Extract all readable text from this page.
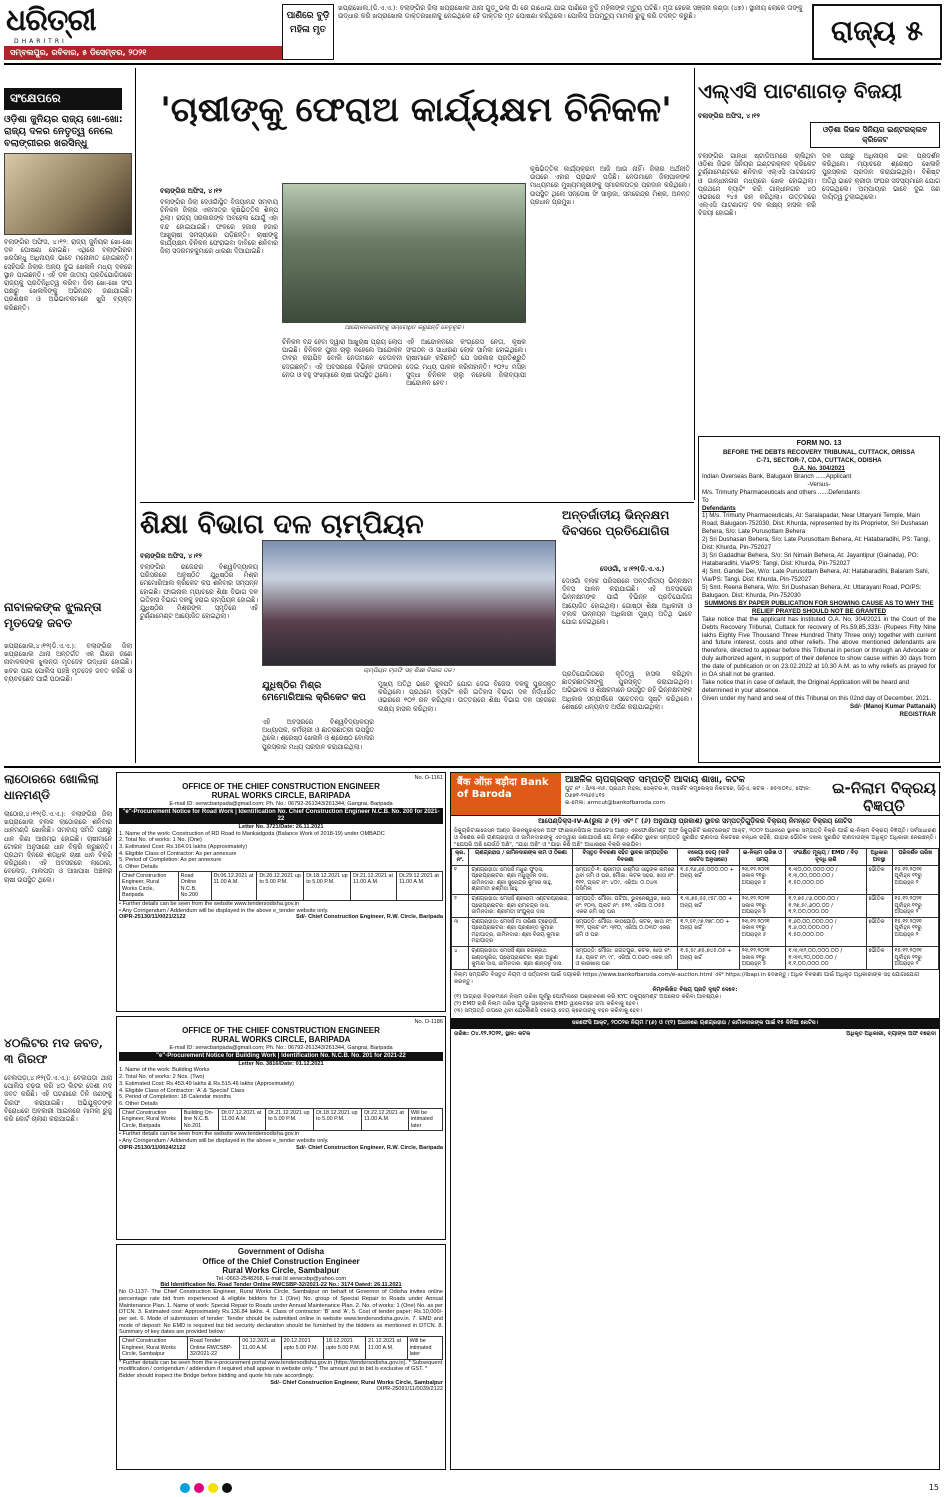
ଧରିତ୍ରୀ
DHARITRI
ସମ୍ବଲପୁର, ରବିବାର, ୫ ଡିସେମ୍ବର, ୨୦୨୧
ପାଣିରେ ବୁଡ଼ି ମହିଳା ମୃତ
ଖପ୍ରାଖୋଲ,(ଡି.ଏ.ଏ.): ବଲାଙ୍ଗିର ଜିଲା ଖପ୍ରାଖୋଲ ଥାନା ଗୁଡ଼ୁଭଲା ଗାଁ ରେ ଗାଧୋଇ ଯାଇ ପାଣିରେ ବୁଡ଼ି ମହିଳାଙ୍କ ମୃତ୍ୟୁ ଘଟିଛି। ମୃତା ହେଲେ ସଞ୍ଜନା କଣ୍ଡା (୪୭)। ସ୍ଥାନୀୟ ଲୋକେ ତାଙ୍କୁ ଉଦ୍ଧାର କରି ଖପ୍ରାଖୋଲ ଡାକ୍ତରଖାନାକୁ ନେଇଥିଲେ ହେଁ ଡାକ୍ତର ମୃତ ଘୋଷଣା କରିଥିଲେ। ପୋଲିସ ଅପମୃତ୍ୟୁ ମାମଲା ରୁଜୁ କରି ତଦନ୍ତ କରୁଛି।	ରାଜ୍ୟ ୫
ସଂକ୍ଷେପରେ
ଓଡ଼ିଶା ଜୁନିୟର ରାଜ୍ୟ ଖୋ-ଖୋ: ରାଜ୍ୟ ଦଳର ନେତୃତ୍ୱ ନେଲେ ବଲାଙ୍ଗୀରର ଖରସିନ୍ଧୁ
ବଲାଙ୍ଗିର ଅଫିସ, ୪।୧୨: ରାଜ୍ୟ ଜୁନିୟର ଖୋ-ଖୋ ଦଳ ଘୋଷଣା ହୋଇଛି। ଏଥିରେ ବଲାଙ୍ଗିରର ଖରସିନ୍ଧୁ ଅଧିନାୟକ ଭାବେ ମନୋନୀତ ହୋଇଛନ୍ତି। ସେହିପରି ଜିଲାର ଅନ୍ୟ ଦୁଇ ଖେଳାଳି ମଧ୍ୟ ଦଳରେ ସ୍ଥାନ ପାଇଛନ୍ତି। ଏହି ଦଳ ଜାତୀୟ ପ୍ରତିଯୋଗିତାରେ ରାଜ୍ୟକୁ ପ୍ରତିନିଧିତ୍ୱ କରିବ। ଜିଲା ଖୋ-ଖୋ ସଂଘ ପକ୍ଷରୁ ଖେଳାଳିଙ୍କୁ ଅଭିନନ୍ଦନ ଜଣାଯାଇଛି। ପ୍ରଶିକ୍ଷକ ଓ ଅଭିଭାବକମାନେ ଖୁସି ବ୍ୟକ୍ତ କରିଛନ୍ତି।
ନାବାଳକଙ୍କ ଝୁଲନ୍ତା ମୃତଦେହ ଜବତ
ଖପ୍ରାଖୋଲ,୪।୧୨(ଡି.ଏ.ଏ.): ବଲାଙ୍ଗିର ଜିଲା ଖପ୍ରାଖୋଲ ଥାନା ଅନ୍ତର୍ଗତ ଏକ ଗାଁରେ ଜଣେ ନାବାଳକଙ୍କ ଝୁଲନ୍ତା ମୃତଦେହ ଉଦ୍ଧାର ହୋଇଛି। ଖବର ପାଇ ପୋଲିସ ପହଞ୍ଚି ମୃତଦେହ ଜବତ କରିଛି ଓ ବ୍ୟବଚ୍ଛେଦ ପାଇଁ ପଠାଇଛି।
'ଚାଷୀଙ୍କୁ ଫେରାଅ କାର୍ଯ୍ୟକ୍ଷମ ଚିନିକଳ'
ବଲାଙ୍ଗିର ଅଫିସ, ୪।୧୨
ବଲାଙ୍ଗିର ଜିଲା ଦେଓଗାଁସ୍ଥିତ ବିଜୟାନନ୍ଦ ସମବାୟ ଚିନିକଳ ଜିଲାର ଏକମାତ୍ର କୃଷିଭିତ୍ତିକ ଶିଳ୍ପ ଥିଲା। ରାଜ୍ୟ ସରକାରଙ୍କ ଅବହେଳା ଯୋଗୁଁ ଏହା ବନ୍ଦ ହୋଇଯାଇଛି। ଫଳରେ ହଜାର ହଜାର ଆଖୁଚାଷୀ ସମସ୍ୟାରେ ପଡ଼ିଛନ୍ତି। ଚାଷୀଙ୍କୁ କାର୍ଯ୍ୟକ୍ଷମ ଚିନିକଳ ଫେରାଇବା ଦାବିରେ ଶନିବାର ଜିଲା ସଦରମହକୁମାରେ ଧାରଣା ଦିଆଯାଇଛି।
ଆନ୍ଦୋଳନକାରୀଙ୍କୁ ସମ୍ବୋଧିତ କରୁଛନ୍ତି ନେତୃବୃନ୍ଦ।
ଚିନିକଳ ବନ୍ଦ ହେବା ଦ୍ୱାରା ଆଖୁଚାଷ ପ୍ରାୟ ଲୋପ ପାଇଛି। ଚିନିକଳ ପୁନଃ ଚାଲୁ ନହେଲେ ଆନ୍ଦୋଳନ ତୀବ୍ର କରାଯିବ ବୋଲି ନେତାମାନେ ଚେତାବନୀ ଦେଇଛନ୍ତି। ଏହି ଅବସରରେ ବିଭିନ୍ନ ସଂଗଠନର ନେତା ଓ ବହୁ ସଂଖ୍ୟାରେ ଚାଷୀ ଉପସ୍ଥିତ ଥିଲେ।
ଏହି ଆନ୍ଦୋଳନରେ କଂଗ୍ରେସ ନେତା, କୃଷକ ସଂଗଠନ ଓ ସାଧାରଣ ଲୋକ ସାମିଲ ହୋଇଥିଲେ। ଚାଷୀମାନେ କହିଛନ୍ତି ଯେ ସରକାର ପ୍ରତିଶ୍ରୁତି ଦେଇ ମଧ୍ୟ ପାଳନ କରିନାହାନ୍ତି। ୨୦୨୪ ମସିହା ସୁଦ୍ଧା ଚିନିକଳ ଚାଲୁ ନହେଲେ ଜିଲାବ୍ୟାପୀ ଆନ୍ଦୋଳନ ହେବ।
କୃଷିଭିତ୍ତିକ କାର୍ଯ୍ୟକ୍ରମ ଆଜି ଆଉ ନାହିଁ। ଜିଲାର ଅର୍ଥନୀତି ଉପରେ ଏହାର ପ୍ରଭାବ ପଡ଼ିଛି। ନେତାମାନେ ଜିଲାପାଳଙ୍କ ମାଧ୍ୟମରେ ମୁଖ୍ୟମନ୍ତ୍ରୀଙ୍କୁ ସ୍ମାରକପତ୍ର ପ୍ରଦାନ କରିଥିଲେ। ଉପସ୍ଥିତ ଥିଲେ ସନ୍ତୋଷ ସିଂ ସାଲୁଜା, ସମରେନ୍ଦ୍ର ମିଶ୍ର, ଅନନ୍ତ ପ୍ରଧାନ ପ୍ରମୁଖ।
ଏଲ୍‌ଏସି ପାଟଣାଗଡ଼ ବିଜୟୀ
ବଲାଙ୍ଗିର ଅଫିସ, ୪।୧୨
ଓଡ଼ିଶା ଜିଭଳ ସିନିୟର ଇଣ୍ଟରକ୍ଲବ କ୍ରିକେଟ
ବଲାଙ୍ଗିର ଗାନ୍ଧୀ ଷ୍ଟାଡିଅମରେ ଚାଲିଥିବା ଓଡ଼ିଶା ଜିଭଳ ସିନିୟର ଇଣ୍ଟରକ୍ଲବ କ୍ରିକେଟ ଟୁର୍ଣ୍ଣାମେଣ୍ଟରେ ଶନିବାର ଏଲ୍‌ଏସି ପାଟଣାଗଡ଼ ଓ ଗାନ୍ଧୀନଗର ମଧ୍ୟରେ ଖେଳ ହୋଇଥିଲା। ପ୍ରଥମେ ବ୍ୟାଟିଂ କରି ଗାନ୍ଧୀନଗର ୪୦ ଓଭରରେ ୨୪୫ ରନ କରିଥିଲା। ଉତ୍ତରରେ ଏଲ୍‌ଏସି ପାଟଣାଗଡ଼ ଦଳ ଲକ୍ଷ୍ୟ ହାସଲ କରି ବିଜୟୀ ହୋଇଛି।
ଦଳ ପକ୍ଷରୁ ଅଧିନାୟକ ଭଲ ପ୍ରଦର୍ଶନ କରିଥିଲେ। ମ୍ୟାଚରେ ଶ୍ରେଷ୍ଠ ଖେଳାଳି ପୁରସ୍କାର ପ୍ରଦାନ କରାଯାଇଥିଲା। ବିଶିଷ୍ଟ ଅତିଥି ଭାବେ କ୍ରୀଡ଼ା ସଂଘର ସଦସ୍ୟମାନେ ଯୋଗ ଦେଇଥିଲେ। ଅମ୍ପାୟାର ଭାବେ ଦୁଇ ଜଣ ଦାୟିତ୍ୱ ତୁଲାଇଥିଲେ।
FORM NO. 13
BEFORE THE DEBTS RECOVERY TRIBUNAL, CUTTACK, ORISSA
C-71, SECTOR-7, CDA, CUTTACK, ODISHA
O.A. No. 304/2021
Indian Overseas Bank, Balugaon Branch ......Applicant
-Versus-
M/s. Trimurty Pharmaceuticals and others ......Defendants
To
Defendants
1) M/s. Trimurty Pharmaceuticals, At: Saralapadar, Near Uttaryani Temple, Main Road, Balugaon-752030, Dist: Khurda, represented by its Proprietor, Sri Dushasan Behera, S/o: Late Purusottam Behera
2) Sri Dushasan Behera, S/o: Late Purusottam Behera, At: Hatabaradihi, PS: Tangi, Dist: Khurda, Pin-752027
3) Sri Gadadhar Behera, S/o: Sri Nimain Behera, At: Jayantipur (Gainada), PO: Hatabaradihi, Via/PS: Tangi, Dist: Khurda, Pin-752027
4) Smt. Gandei Dei, W/o: Late Purusottam Behera, At: Hatabaradihi, Balaram Sahi, Via/PS: Tangi, Dist: Khurda, Pin-752027
5) Smt. Reena Behera, W/o: Sri Dushasan Behera, At: Uttarayani Road, PO/PS: Balugaon, Dist: Khurda, Pin-752030
SUMMONS BY PAPER PUBLICATION FOR SHOWING CAUSE AS TO WHY THE RELIEF PRAYED SHOULD NOT BE GRANTED
Take notice that the applicant has instituted O.A. No. 304/2021 in the Court of the Debts Recovery Tribunal, Cuttack for recovery of Rs.59,85,333/- (Rupees Fifty Nine lakhs Eighty Five Thousand Three Hundred Thirty Three only) together with current and future interest, costs and other reliefs. The above mentioned defendants are therefore, directed to appear before this Tribunal in person or through an Advocate or duly authorized agent, in support of their defence to show cause within 30 days from the date of publication or on 23.02.2022 at 10.30 A.M. as to why reliefs as prayed for in OA shall not be granted.
Take notice that in case of default, the Original Application will be heard and determined in your absence.
Given under my hand and seal of this Tribunal on this 02nd day of December, 2021.
Sd/- (Manoj Kumar Pattanaik)
REGISTRAR
ଶିକ୍ଷା ବିଭାଗ ଦଳ ଚାମ୍ପିୟନ
ବଲାଙ୍ଗିର ଅଫିସ, ୪।୧୨
ବଲାଙ୍ଗିର ରାଜେନ୍ଦ୍ର ବିଶ୍ୱବିଦ୍ୟାଳୟ ପରିସରରେ ଅନୁଷ୍ଠିତ ଯୁଧିଷ୍ଠିର ମିଶ୍ର ମେମୋରିଆଲ କ୍ରିକେଟ କପ ଶନିବାର ସମ୍ପନ୍ନ ହୋଇଛି। ଫାଇନାଲ ମ୍ୟାଚରେ ଶିକ୍ଷା ବିଭାଗ ଦଳ ଇତିହାସ ବିଭାଗ ଦଳକୁ ହରାଇ ଚାମ୍ପିୟନ ହୋଇଛି। ଯୁଧିଷ୍ଠିର ମିଶ୍ରଙ୍କ ସ୍ମୃତିରେ ଏହି ଟୁର୍ଣ୍ଣାମେଣ୍ଟ ଆୟୋଜିତ ହୋଇଥିଲା।
ଚାମ୍ପିୟନ ଟ୍ରଫି ସହ ଶିକ୍ଷା ବିଭାଗ ଦଳ।
ଯୁଧିଷ୍ଠିର ମିଶ୍ର ମେମୋରିଆଲ କ୍ରିକେଟ କପ
ମୁଖ୍ୟ ଅତିଥି ଭାବେ କୁଳପତି ଯୋଗ ଦେଇ ବିଜେତା ଦଳକୁ ପୁରସ୍କୃତ କରିଥିଲେ। ପ୍ରଥମେ ବ୍ୟାଟିଂ କରି ଇତିହାସ ବିଭାଗ ଦଳ ନିର୍ଦ୍ଧାରିତ ଓଭରରେ ୧୦୨ ରନ କରିଥିଲା। ଉତ୍ତରରେ ଶିକ୍ଷା ବିଭାଗ ଦଳ ସହଜରେ ଲକ୍ଷ୍ୟ ହାସଲ କରିଥିଲା।
ଏହି ଅବସରରେ ବିଶ୍ୱବିଦ୍ୟାଳୟର ଅଧ୍ୟାପକ, କର୍ମଚାରୀ ଓ ଛାତ୍ରଛାତ୍ରୀ ଉପସ୍ଥିତ ଥିଲେ। ଶ୍ରେଷ୍ଠ ଖେଳାଳି ଓ ଶ୍ରେଷ୍ଠ ବୋଲର ପୁରସ୍କାର ମଧ୍ୟ ପ୍ରଦାନ କରାଯାଇଥିଲା।
ଅନ୍ତର୍ଜାତୀୟ ଭିନ୍ନକ୍ଷମ ଦିବସରେ ପ୍ରତିଯୋଗିତା
ଦେଓଗାଁ, ୪।୧୨(ଡି.ଏ.ଏ.)
ଦେଓଗାଁ ବ୍ଲକ ପରିସରରେ ଅନ୍ତର୍ଜାତୀୟ ଭିନ୍ନକ୍ଷମ ଦିବସ ପାଳନ କରାଯାଇଛି। ଏହି ଅବସରରେ ଭିନ୍ନକ୍ଷମଙ୍କ ପାଇଁ ବିଭିନ୍ନ ପ୍ରତିଯୋଗିତା ଆୟୋଜିତ ହୋଇଥିଲା। ଗୋଷ୍ଠୀ ଶିକ୍ଷା ଅଧିକାରୀ ଓ ବ୍ଲକ ଉନ୍ନୟନ ଅଧିକାରୀ ମୁଖ୍ୟ ଅତିଥି ଭାବେ ଯୋଗ ଦେଇଥିଲେ।
ପ୍ରତିଯୋଗିତାରେ କୃତିତ୍ୱ ହାସଲ କରିଥିବା ଛାତ୍ରଛାତ୍ରୀଙ୍କୁ ପୁରସ୍କୃତ କରାଯାଇଥିଲା। ଅଭିଭାବକ ଓ ଶିକ୍ଷକମାନେ ଉପସ୍ଥିତ ରହି ଭିନ୍ନକ୍ଷମଙ୍କ ଅଧିକାର ସମ୍ପର୍କରେ ସଚେତନତା ସୃଷ୍ଟି କରିଥିଲେ। ଶେଷରେ ଧନ୍ୟବାଦ ଅର୍ପଣ କରାଯାଇଥିଲା।
ଲାଠୋରରେ ଖୋଲିଲା ଧାନମଣ୍ଡି
ଲାଠୋର,୪।୧୨(ଡି.ଏ.ଏ.): ବଲାଙ୍ଗିର ଜିଲା ଖପ୍ରାଖୋଲ ବ୍ଲକ ଲାଠୋରରେ ଶନିବାର ଧାନମଣ୍ଡି ଖୋଲିଛି। ସମବାୟ ସମିତି ପକ୍ଷରୁ ଧାନ କିଣା ଆରମ୍ଭ ହୋଇଛି। ଚାଷୀମାନେ ଟୋକନ ଅନୁସାରେ ଧାନ ବିକ୍ରି କରୁଛନ୍ତି। ପ୍ରଥମ ଦିନରେ ଶତାଧିକ ଚାଷୀ ଧାନ ବିକ୍ରି କରିଥିଲେ। ଏହି ଅବସରରେ ଲାଠୋର, ବେଲେଡ଼, ମାଲପଡ଼ା ଓ ଆଖପାଖ ଅଞ୍ଚଳର ଚାଷୀ ଉପସ୍ଥିତ ଥିଲେ।
୪୦ଲିଟର ମଦ ଜବତ, ୩ ଗିରଫ
ବେଲପଡ଼ା,୪।୧୨(ଡି.ଏ.ଏ.): ବେଲପଡ଼ା ଥାନା ପୋଲିସ ଚଢ଼ଉ କରି ୪୦ ଲିଟର ଦେଶୀ ମଦ ଜବତ କରିଛି। ଏହି ଘଟଣାରେ ତିନି ଜଣଙ୍କୁ ଗିରଫ କରାଯାଇଛି। ଅଭିଯୁକ୍ତଙ୍କ ବିରୋଧରେ ଅବକାରୀ ଆଇନରେ ମାମଲା ରୁଜୁ କରି କୋର୍ଟ ଚାଲାଣ କରାଯାଇଛି।
No. O-1161
OFFICE OF THE CHIEF CONSTRUCTION ENGINEER
RURAL WORKS CIRCLE, BARIPADA
E-mail ID: serwcbaripada@gmail.com; Ph. No.: 06792-261343/261344, Gangrai, Baripada
"e"-Procurement Notice for Road Work | Identification No. Chief Construction Engineer N.C.B. No. 200 for 2021-22
Letter No. 3721/Date: 26.11.2021
1. Name of the work: Construction of RD Road to Mankadgoda (Balance Work of 2018-19) under OMBADC
2. Total No. of works: 1 No. (One)
3. Estimated Cost: Rs.164.01 lakhs (Approximately)
4. Eligible Class of Contractor: As per annexure
5. Period of Completion: As per annexure
6. Other Details
Chief Construction Engineer, Rural Works Circle, Baripada	Road Online N.C.B. No.200	Dt.06.12.2021 at 11.00 A.M.	Dt.20.12.2021 up to 5.00 P.M.	Dt.18.12.2021 up to 5.00 P.M.	Dt.21.12.2021 at 11.00 A.M.	Dt.29.12.2021 at 11.00 A.M.
• Further details can be seen from the website www.tendersodisha.gov.in
• Any Corrigendum / Addendum will be displayed in the above e_tender website only.
OIPR-25130/11/0021/2122	Sd/- Chief Construction Engineer, R.W. Circle, Baripada
No. O-1186
OFFICE OF THE CHIEF CONSTRUCTION ENGINEER
RURAL WORKS CIRCLE, BARIPADA
E-mail ID: serwcbaripada@gmail.com; Ph. No.: 06792-261343/261344, Gangrai, Baripada
"e"-Procurement Notice for Building Work | Identification No. N.C.B. No. 201 for 2021-22
Letter No. 3816/Date: 01.12.2021
1. Name of the work: Building Works
2. Total No. of works: 2 Nos. (Two)
3. Estimated Cost: Rs.453.49 lakhs & Rs.515.46 lakhs (Approximately)
4. Eligible Class of Contractor: 'A' & 'Special' Class
5. Period of Completion: 18 Calendar months
6. Other Details
Chief Construction Engineer, Rural Works Circle, Baripada	Building On-line N.C.B. No.201	Dt.07.12.2021 at 11.00 A.M.	Dt.21.12.2021 up to 5.00 P.M.	Dt.18.12.2021 up to 5.00 P.M.	Dt.22.12.2021 at 11.00 A.M.	Will be intimated later
• Further details can be seen from the website www.tendersodisha.gov.in
• Any Corrigendum / Addendum will be displayed in the above e_tender website only.
OIPR-25130/11/0024/2122	Sd/- Chief Construction Engineer, R.W. Circle, Baripada
Government of Odisha
Office of the Chief Construction Engineer
Rural Works Circle, Sambalpur
Tel.-0663-2548268, E-mail Id serwcsbp@yahoo.com
Bid Identification No. Road Tender Online RWCSBP-32/2021-22 No.: 3174 Dated: 26.11.2021
No O-1137- The Chief Construction Engineer, Rural Works Circle, Sambalpur on behalf of Governor of Odisha invites online percentage rate bid from experienced & eligible bidders for 1 (One) No. group of Special Repair to Roads under Annual Maintenance Plan. 1. Name of work: Special Repair to Roads under Annual Maintenance Plan. 2. No. of works: 1 (One) No. as per DTCN. 3. Estimated cost: Approximately Rs.136.84 lakhs. 4. Class of contractor: 'B' and 'A'. 5. Cost of tender paper: Rs.10,000/- per set. 6. Mode of submission of tender: Tender should be submitted online in website www.tendersodisha.gov.in. 7. EMD and mode of deposit: No EMD is required but bid security declaration should be furnished by the bidders as mentioned in DTCN. 8. Summary of key dates are provided below:
Chief Construction Engineer, Rural Works Circle, Sambalpur	Road Tender Online RWCSBP-32/2021-22	06.12.2021 at 11.00 A.M.	20.12.2021 upto 5.00 P.M.	18.12.2021 upto 5.00 P.M.	21.12.2021 at 11.00 A.M.	Will be intimated later
* Further details can be seen from the e-procurement portal www.tendersodisha.gov.in (https://tendersodisha.gov.in). * Subsequent modification / corrigendum / addendum if required shall appear in website only. * The amount put to bid is exclusive of GST. * Bidder should inspect the Bridge before bidding and quote his rate accordingly.
Sd/- Chief Construction Engineer, Rural Works Circle, Sambalpur
OIPR-25091/11/0039/2122
बैंक ऑफ़ बड़ौदा Bank of Baroda
ଆଞ୍ଚଳିକ ଚାପଗ୍ରସ୍ତ ସମ୍ପତ୍ତି ଆଦାୟ ଶାଖା, କଟକ
ପୁଟ ନଂ : ସି/୩-୩୫, ପ୍ରଥମ ମହଲା, ସେକ୍ଟର-୭, ମାର୍କେଟ କମ୍ପ୍ଲେକ୍ସ ନିକଟରେ, ସିଡ଼ିଏ, କଟକ - ୭୫୩୦୧୪, ଫୋନ: ୦୬୭୧-୨୩୬୫୪୧୫
ଇ-ମେଲ: armcut@bankofbaroda.com
ଇ-ନିଲାମ ବିକ୍ରୟ ବିଜ୍ଞପ୍ତି
ଆପେଣ୍ଡିକ୍ସ-IV-A(ରୁଲ ୬ (୨) ଏବଂ ୮ (୬) ଅନୁଯାୟୀ ପ୍ରକାଶ) ସ୍ଥାବର ସମ୍ପତ୍ତିଗୁଡ଼ିକର ବିକ୍ରୟ ନିମନ୍ତେ ବିକ୍ରୟ ନୋଟିସ
ସିକ୍ୟୁରିଟାଇଜେସନ ଆଣ୍ଡ ରିକନଷ୍ଟ୍ରକ୍ସନ ଅଫ ଫାଇନାନସିଆଲ ଆସେଟସ ଆଣ୍ଡ ଏନଫୋର୍ସମେଣ୍ଟ ଅଫ ସିକ୍ୟୁରିଟି ଇଣ୍ଟରେଷ୍ଟ ଆକ୍ଟ, ୨୦୦୨ ଅଧୀନରେ ସ୍ଥାବର ସମ୍ପତ୍ତି ବିକ୍ରି ପାଇଁ ଇ-ନିଲାମ ବିକ୍ରୟ ବିଜ୍ଞପ୍ତି। ସର୍ବସାଧାରଣ ଓ ବିଶେଷ କରି ଋଣଗ୍ରହୀତା ଓ ଜାମିନଦାରଙ୍କୁ ଏତଦ୍ୱାରା ଜଣାଯାଉଛି ଯେ ନିମ୍ନ ବର୍ଣ୍ଣିତ ସ୍ଥାବର ସମ୍ପତ୍ତି ସୁରକ୍ଷିତ ଋଣଦାତା ନିକଟରେ ବନ୍ଧକ ରହିଛି, ଯାହାର ଭୌତିକ ଦଖଲ ସୁରକ୍ଷିତ ଋଣଦାତାଙ୍କ ଅଧିକୃତ ଅଧିକାରୀ ନେଇଛନ୍ତି। "ଯେପରି ଅଛି ଯେଉଁଠି ଅଛି", "ଯାହା ଅଛି" ଓ "ଯାହା କିଛି ଅଛି" ଆଧାରରେ ବିକ୍ରି କରାଯିବ।
କ୍ର. ନଂ.	ଋଣଗ୍ରହୀତା / ଜାମିନଦାରଙ୍କ ନାମ ଓ ଠିକଣା	ବିସ୍ତୃତ ବିବରଣୀ ସହିତ ସ୍ଥାବର ସମ୍ପତ୍ତିର ବିବରଣୀ	ବକେୟା ଦେୟ (ଦାବି ନୋଟିସ ଅନୁସାରେ)	ଇ-ନିଲାମ ତାରିଖ ଓ ସମୟ	ସଂରକ୍ଷିତ ମୂଲ୍ୟ / EMD / ବିଡ଼ ବୃଦ୍ଧି ରାଶି	ଅଧିକାର ଅବସ୍ଥା	ପରିଦର୍ଶନ ତାରିଖ
୧	ଋଣଗ୍ରହୀତା: ମେସର୍ସ ମଧୁର ଫୁଡ଼ସ, ପ୍ରୋପ୍ରାଇଟର: ଶ୍ରୀ ମଧୁସୂଦନ ଦାସ, ଜାମିନଦାର: ଶ୍ରୀ ସୁରେନ୍ଦ୍ର କୁମାର ସାହୁ, ଶ୍ରୀମତୀ ରଶ୍ମିତା ସାହୁ	ସମ୍ପତ୍ତି-୧: ଶ୍ରୀମତୀ ରଶ୍ମିତା ସାହୁଙ୍କ ନାମରେ ଥିବା ଜମି ଓ ଘର, ମୌଜା: କଟକ ସହର, ଖାତା ନଂ: ୧୧୧, ପ୍ଲଟ ନଂ: ୪୦୯, ଏରିଆ: ୦.୦୪୩ ଡିସିମିଲ	₹.୫,୧୬,୬୫,୦୦୦.୦୦ + ଅନ୍ୟ ଖର୍ଚ୍ଚ	୨୩.୧୨.୨୦୨୧ ସକାଳ ୧୧ରୁ ଅପରାହ୍ନ ୫	₹.୩୦,୦୦,୦୦୦.୦୦ / ₹.୩,୦୦,୦୦୦.୦୦ / ₹.୫୦,୦୦୦.୦୦	ଭୌତିକ	୧୫.୧୨.୨୦୨୧ ପୂର୍ବାହ୍ନ ୧୧ରୁ ଅପରାହ୍ନ ୨
୨	ଋଣଗ୍ରହୀତା: ମେସର୍ସ ଶ୍ରୀରାମ ଏଣ୍ଟରପ୍ରାଇଜ, ପ୍ରୋପ୍ରାଇଟର: ଶ୍ରୀ ରାମଚନ୍ଦ୍ର ଦାସ, ଜାମିନଦାର: ଶ୍ରୀମତୀ ସଂଯୁକ୍ତା ଦାସ	ସମ୍ପତ୍ତି: ମୌଜା: ପଟିଆ, ଭୁବନେଶ୍ୱର, ଖାତା ନଂ: ୧୦୩, ପ୍ଲଟ ନଂ: ୫୨୧, ଏରିଆ ୦.୦୫୫ ଏକର ଜମି ସହ ଘର	₹.୩,୭୫,୫୫,୯୫୮.୦୦ + ଅନ୍ୟ ଖର୍ଚ୍ଚ	୨୩.୧୨.୨୦୨୧ ସକାଳ ୧୧ରୁ ଅପରାହ୍ନ ୫	₹.୨,୭୫,୯୬,୦୦୦.୦୦ / ₹.୨୭,୫୯,୬୦୦.୦୦ / ₹.୧,୦୦,୦୦୦.୦୦	ଭୌତିକ	୧୫.୧୨.୨୦୨୧ ପୂର୍ବାହ୍ନ ୧୧ରୁ ଅପରାହ୍ନ ୨
୩	ଋଣଗ୍ରହୀତା: ମେସର୍ସ ମା ତାରିଣୀ ଟ୍ରେଡ଼ର୍ସ, ପ୍ରୋପ୍ରାଇଟର: ଶ୍ରୀ ପ୍ରଶାନ୍ତ କୁମାର ମହାପାତ୍ର, ଜାମିନଦାର: ଶ୍ରୀ ବିଜୟ କୁମାର ମହାପାତ୍ର	ସମ୍ପତ୍ତି: ମୌଜା: କାଠଯୋଡ଼ି, କଟକ, ଖାତା ନଂ: ୨୧୨, ପ୍ଲଟ ନଂ: ୩୧୦, ଏରିଆ ୦.୦୩୦ ଏକର ଜମି ଓ ଘର	₹.୨,୫୧,୯୭,୧୭୮.୦୦ + ଅନ୍ୟ ଖର୍ଚ୍ଚ	୨୩.୧୨.୨୦୨୧ ସକାଳ ୧୧ରୁ ଅପରାହ୍ନ ୫	₹.୬୦,୦୦,୦୦୦.୦୦ / ₹.୬,୦୦,୦୦୦.୦୦ / ₹.୫୦,୦୦୦.୦୦	ଭୌତିକ	୧୫.୧୨.୨୦୨୧ ପୂର୍ବାହ୍ନ ୧୧ରୁ ଅପରାହ୍ନ ୨
୪	ଋଣଗ୍ରହୀତା: ମେସର୍ସ ଶ୍ରୀ ଜଗନ୍ନାଥ ଇଣ୍ଡଷ୍ଟ୍ରିଜ, ପ୍ରୋପ୍ରାଇଟର: ଶ୍ରୀ ଅରୁଣ କୁମାର ଦାସ, ଜାମିନଦାର: ଶ୍ରୀ ଶାନ୍ତନୁ ଦାସ	ସମ୍ପତ୍ତି: ମୌଜା: ଜଗତପୁର, କଟକ, ଖାତା ନଂ: ୫୬, ପ୍ଲଟ ନଂ: ୯୮, ଏରିଆ ୦.୦୬୦ ଏକର ଜମି ଓ କାରଖାନା ଘର	₹.୫,୫୯,୭୫,୭୪୫.୦୫ + ଅନ୍ୟ ଖର୍ଚ୍ଚ	୨୩.୧୨.୨୦୨୧ ସକାଳ ୧୧ରୁ ଅପରାହ୍ନ ୫	₹.୩,୩୨,୦୦,୦୦୦.୦୦ / ₹.୩୩,୨୦,୦୦୦.୦୦ / ₹.୧,୦୦,୦୦୦.୦୦	ଭୌତିକ	୧୫.୧୨.୨୦୨୧ ପୂର୍ବାହ୍ନ ୧୧ରୁ ଅପରାହ୍ନ ୨
ନିଲାମ ସମ୍ପର୍କିତ ବିସ୍ତୃତ ନିୟମ ଓ ସର୍ତ୍ତାବଳୀ ପାଇଁ ଦୟାକରି https://www.bankofbaroda.com/e-auction.html ଏବଂ https://ibapi.in ଦେଖନ୍ତୁ। ଅଧିକ ବିବରଣୀ ପାଇଁ ଅଧିକୃତ ଅଧିକାରୀଙ୍କ ସହ ଯୋଗାଯୋଗ କରନ୍ତୁ।
ନିମ୍ନଲିଖିତ ବିଷୟ ପ୍ରତି ଦୃଷ୍ଟି ଦେବେ:
(୧) ଆଗ୍ରହୀ ବିଡ଼ରମାନେ ନିଲାମ ତାରିଖ ପୂର୍ବରୁ ପୋର୍ଟାଲରେ ପଞ୍ଜୀକରଣ କରି KYC ଡକ୍ୟୁମେଣ୍ଟ ଅପଲୋଡ କରିବା ଆବଶ୍ୟକ।
(୨) EMD ରାଶି ନିଲାମ ତାରିଖ ପୂର୍ବରୁ ଗ୍ଲୋବାଲ EMD ୱାଲେଟରେ ଜମା କରିବାକୁ ହେବ।
(୩) ସମ୍ପତ୍ତି ଉପରେ ଥିବା ଯେକୌଣସି ବକେୟା ଦେୟ କ୍ରେତାଙ୍କୁ ବହନ କରିବାକୁ ହେବ।
ସରଫେସି ଆକ୍ଟ, ୨୦୦୨ର ନିୟମ ୮(୬) ଓ ୯(୧) ଅଧୀନରେ ଋଣଗ୍ରହୀତା / ଜାମିନଦାରଙ୍କ ପାଇଁ ୧୫ ଦିନିଆ ନୋଟିସ।
ତାରିଖ: ୦୪.୧୨.୨୦୨୧, ସ୍ଥାନ: କଟକ	ଅଧିକୃତ ଅଧିକାରୀ, ବ୍ୟାଙ୍କ ଅଫ ବରୋଦା
15
